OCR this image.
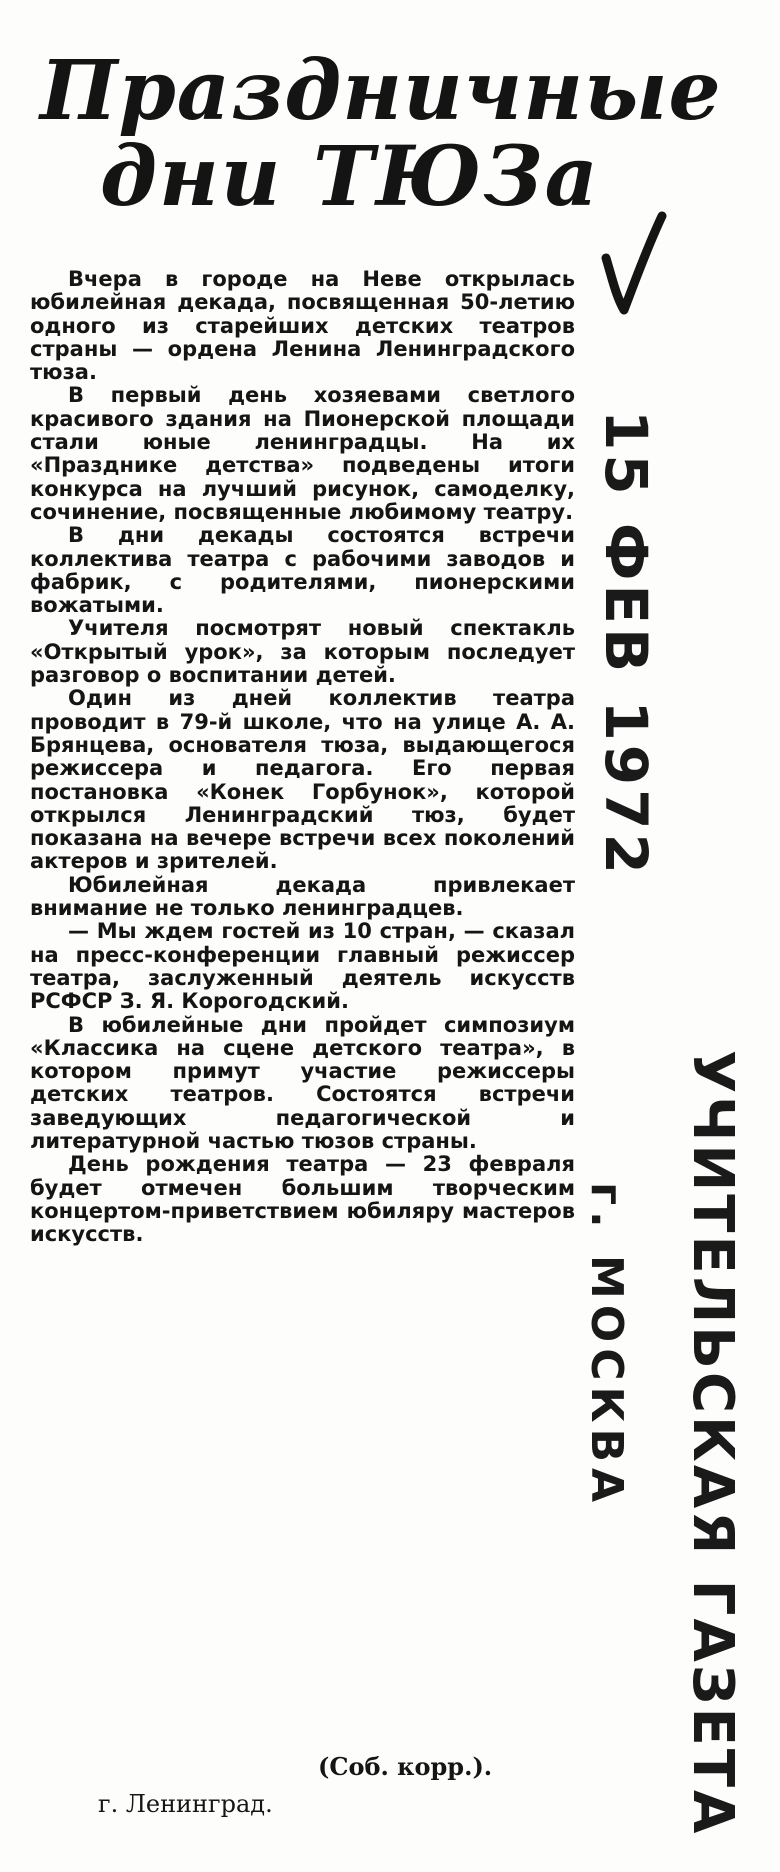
Праздничные
дни ТЮЗа

Вчера в городе на Неве открылась юбилейная декада, посвященная 50-летию одного из старейших детских театров страны — ордена Ленина Ленинградского тюза.

В первый день хозяевами светлого красивого здания на Пионерской площади стали юные ленинградцы. На их «Празднике детства» подведены итоги конкурса на лучший рисунок, самоделку, сочинение, посвященные любимому театру.

В дни декады состоятся встречи коллектива театра с рабочими заводов и фабрик, с родителями, пионерскими вожатыми.

Учителя посмотрят новый спектакль «Открытый урок», за которым последует разговор о воспитании детей.

Один из дней коллектив театра проводит в 79-й школе, что на улице А. А. Брянцева, основателя тюза, выдающегося режиссера и педагога. Его первая постановка «Конек Горбунок», которой открылся Ленинградский тюз, будет показана на вечере встречи всех поколений актеров и зрителей.

Юбилейная декада привлекает внимание не только ленинградцев.

— Мы ждем гостей из 10 стран, — сказал на пресс-конференции главный режиссер театра, заслуженный деятель искусств РСФСР З. Я. Корогодский.

В юбилейные дни пройдет симпозиум «Классика на сцене детского театра», в котором примут участие режиссеры детских театров. Состоятся встречи заведующих педагогической и литературной частью тюзов страны.

День рождения театра — 23 февраля будет отмечен большим творческим концертом-приветствием юбиляру мастеров искусств.

(Соб. корр.).
г. Ленинград.
15 ФЕВ 1972
УЧИТЕЛЬСКАЯ ГАЗЕТА
г. МОСКВА
